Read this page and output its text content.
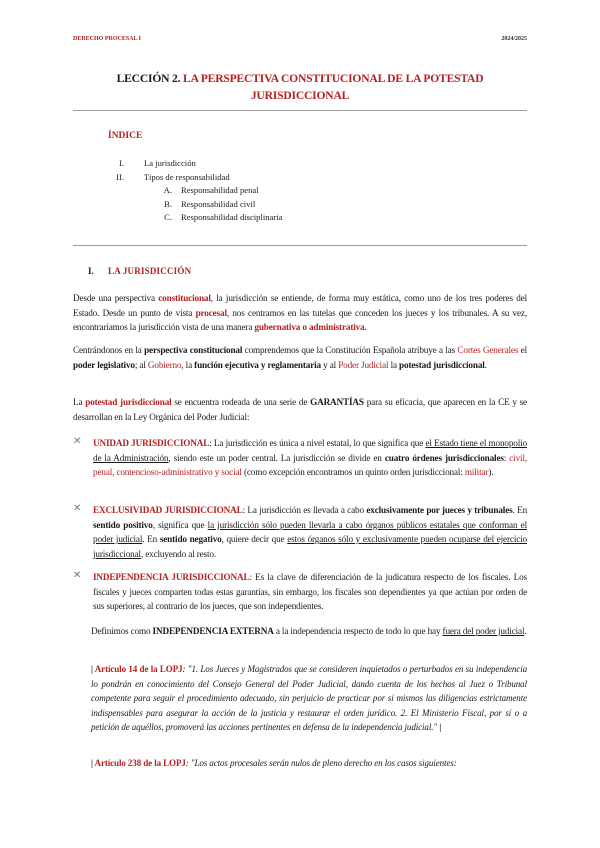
DERECHO PROCESAL I	2024/2025
LECCIÓN 2. LA PERSPECTIVA CONSTITUCIONAL DE LA POTESTAD
JURISDICCIONAL
ÍNDICE
I. La jurisdicción
II. Tipos de responsabilidad
A. Responsabilidad penal
B. Responsabilidad civil
C. Responsabilidad disciplinaria
I. LA JURISDICCIÓN

Desde una perspectiva constitucional, la jurisdicción se entiende, de forma muy estática, como uno de los tres poderes del Estado. Desde un punto de vista procesal, nos centramos en las tutelas que conceden los jueces y los tribunales. A su vez, encontraríamos la jurisdicción vista de una manera gubernativa o administrativa.

Centrándonos en la perspectiva constitucional comprendemos que la Constitución Española atribuye a las Cortes Generales el poder legislativo; al Gobierno, la función ejecutiva y reglamentaria y al Poder Judicial la potestad jurisdiccional.

La potestad jurisdiccional se encuentra rodeada de una serie de GARANTÍAS para su eficacia, que aparecen en la CE y se desarrollan en la Ley Orgánica del Poder Judicial:

✕ UNIDAD JURISDICCIONAL: La jurisdicción es única a nivel estatal, lo que significa que el Estado tiene el monopolio de la Administración, siendo este un poder central. La jurisdicción se divide en cuatro órdenes jurisdiccionales: civil, penal, contencioso-administrativo y social (como excepción encontramos un quinto orden jurisdiccional: militar).

✕ EXCLUSIVIDAD JURISDICCIONAL: La jurisdicción es llevada a cabo exclusivamente por jueces y tribunales. En sentido positivo, significa que la jurisdicción sólo pueden llevarla a cabo órganos públicos estatales que conforman el poder judicial. En sentido negativo, quiere decir que estos órganos sólo y exclusivamente pueden ocuparse del ejercicio jurisdiccional, excluyendo al resto.

✕ INDEPENDENCIA JURISDICCIONAL: Es la clave de diferenciación de la judicatura respecto de los fiscales. Los fiscales y jueces comparten todas estas garantías, sin embargo, los fiscales son dependientes ya que actúan por orden de sus superiores, al contrario de los jueces, que son independientes.

Definimos como INDEPENDENCIA EXTERNA a la independencia respecto de todo lo que hay fuera del poder judicial.

| Artículo 14 de la LOPJ: "1. Los Jueces y Magistrados que se consideren inquietados o perturbados en su independencia lo pondrán en conocimiento del Consejo General del Poder Judicial, dando cuenta de los hechos al Juez o Tribunal competente para seguir el procedimiento adecuado, sin perjuicio de practicar por sí mismos las diligencias estrictamente indispensables para asegurar la acción de la justicia y restaurar el orden jurídico. 2. El Ministerio Fiscal, por sí o a petición de aquéllos, promoverá las acciones pertinentes en defensa de la independencia judicial." |

| Artículo 238 de la LOPJ: "Los actos procesales serán nulos de pleno derecho en los casos siguientes:
